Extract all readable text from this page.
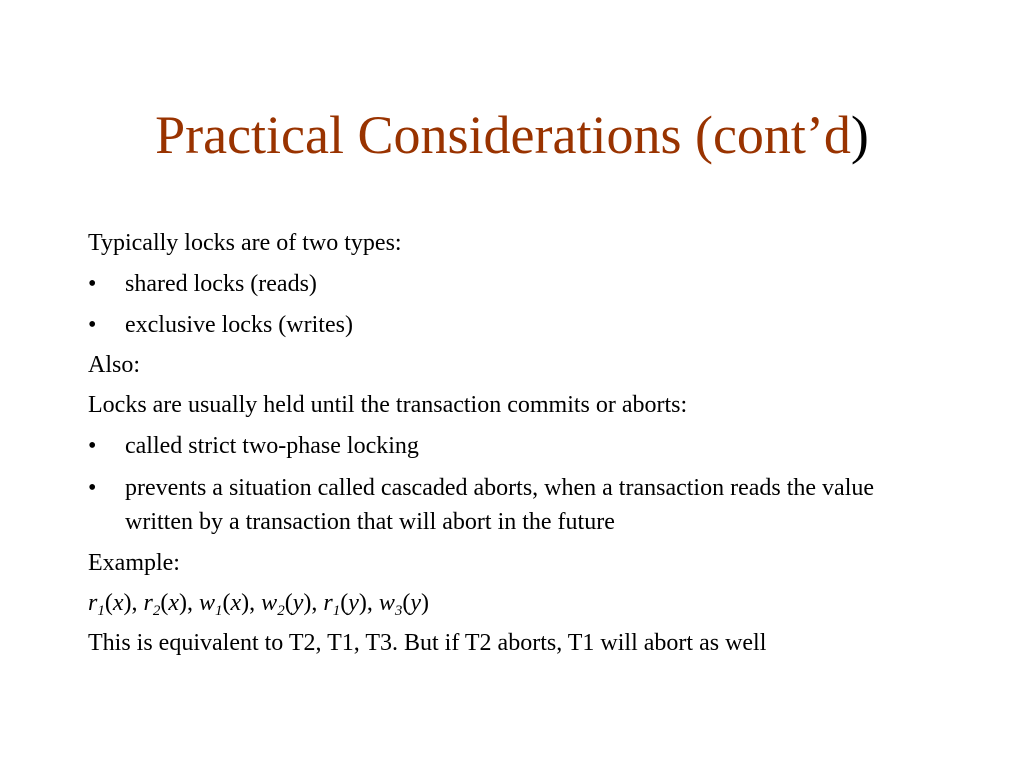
Practical Considerations (cont’d)
Typically locks are of two types:
• shared locks (reads)
• exclusive locks (writes)
Also:
Locks are usually held until the transaction commits or aborts:
• called strict two-phase locking
• prevents a situation called cascaded aborts, when a transaction reads the value written by a transaction that will abort in the future
Example:
$r_1(x)$, $r_2(x)$, $w_1(x)$, $w_2(y)$, $r_1(y)$, $w_3(y)$
This is equivalent to T2, T1, T3. But if T2 aborts, T1 will abort as well
